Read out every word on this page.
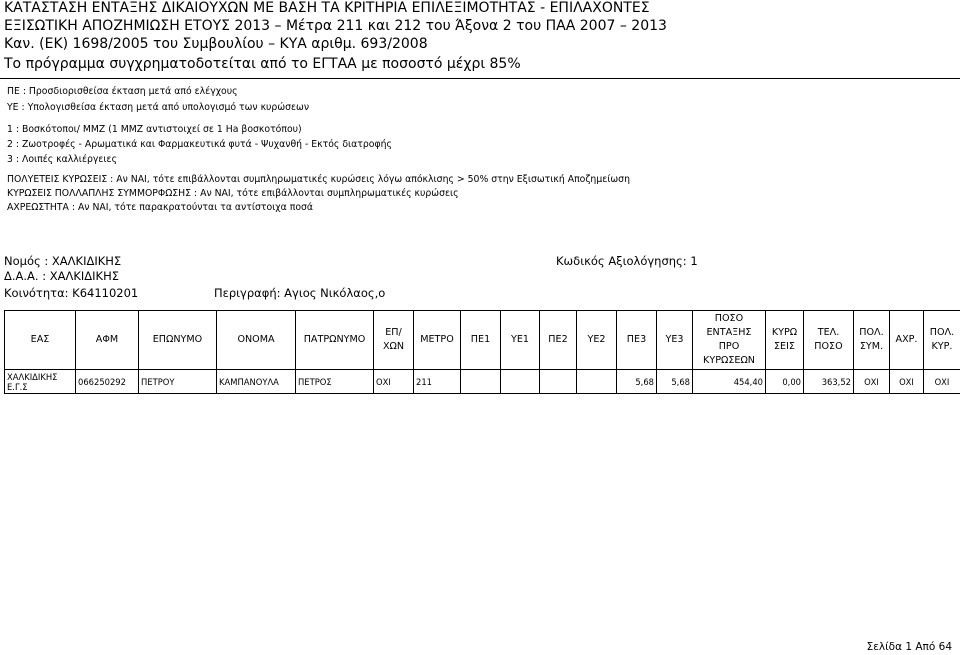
ΚΑΤΑΣΤΑΣΗ ΕΝΤΑΞΗΣ ΔΙΚΑΙΟΥΧΩΝ ΜΕ ΒΑΣΗ ΤΑ ΚΡΙΤΗΡΙΑ ΕΠΙΛΕΞΙΜΟΤΗΤΑΣ - ΕΠΙΛΑΧΟΝΤΕΣ
ΕΞΙΣΩΤΙΚΗ ΑΠΟΖΗΜΙΩΣΗ ΕΤΟΥΣ 2013 – Μέτρα 211 και 212 του Άξονα 2 του ΠΑΑ 2007 – 2013
Καν. (ΕΚ) 1698/2005 του Συμβουλίου – ΚΥΑ αριθμ. 693/2008
Το πρόγραμμα συγχρηματοδοτείται από το ΕΓΤΑΑ με ποσοστό μέχρι 85%
ΠΕ : Προσδιορισθείσα έκταση μετά από ελέγχους
ΥΕ : Υπολογισθείσα έκταση μετά από υπολογισμό των κυρώσεων
1 : Βοσκότοποι/ ΜΜΖ (1 ΜΜΖ αντιστοιχεί σε 1 Ha βοσκοτόπου)
2 : Ζωοτροφές - Αρωματικά και Φαρμακευτικά φυτά - Ψυχανθή - Εκτός διατροφής
3 : Λοιπές καλλιέργειες
ΠΟΛΥΕΤΕΙΣ ΚΥΡΩΣΕΙΣ : Αν ΝΑΙ, τότε επιβάλλονται συμπληρωματικές κυρώσεις λόγω απόκλισης > 50% στην Εξισωτική Αποζημείωση
ΚΥΡΩΣΕΙΣ ΠΟΛΛΑΠΛΗΣ ΣΥΜΜΟΡΦΩΣΗΣ : Αν ΝΑΙ, τότε επιβάλλονται συμπληρωματικές κυρώσεις
ΑΧΡΕΩΣΤΗΤΑ : Αν ΝΑΙ, τότε παρακρατούνται τα αντίστοιχα ποσά
Νομός : ΧΑΛΚΙΔΙΚΗΣ	Κωδικός Αξιολόγησης: 1
Δ.Α.Α. : ΧΑΛΚΙΔΙΚΗΣ
Κοινότητα: Κ64110201	Περιγραφή: Αγιος Νικόλαος,ο
ΕΑΣ	ΑΦΜ	ΕΠΩΝΥΜΟ	ΟΝΟΜΑ	ΠΑΤΡΩΝΥΜΟ	ΕΠ/ ΧΩΝ	ΜΕΤΡΟ	ΠΕ1	ΥΕ1	ΠΕ2	ΥΕ2	ΠΕ3	ΥΕ3	ΠΟΣΟ ΕΝΤΑΞΗΣ ΠΡΟ ΚΥΡΩΣΕΩΝ	ΚΥΡΩ ΣΕΙΣ	ΤΕΛ. ΠΟΣΟ	ΠΟΛ. ΣΥΜ.	ΑΧΡ.	ΠΟΛ. ΚΥΡ.
ΧΑΛΚΙΔΙΚΗΣ Ε.Γ.Σ	066250292	ΠΕΤΡΟΥ	ΚΑΜΠΑΝΟΥΛΑ	ΠΕΤΡΟΣ	ΟΧΙ	211					5,68	5,68	454,40	0,00	363,52	ΟΧΙ	ΟΧΙ	ΟΧΙ
Σελίδα 1 Από 64
